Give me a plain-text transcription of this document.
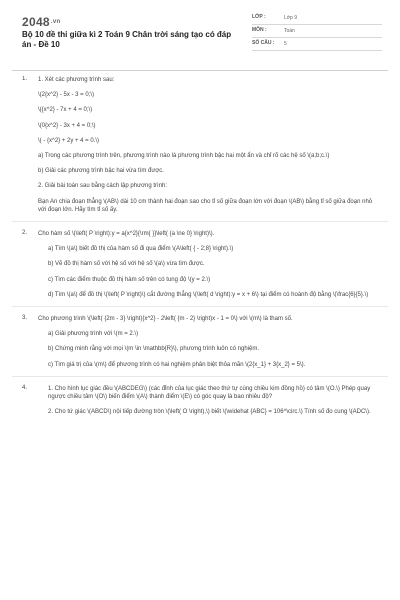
$2048^{.vn}$
Bộ 10 đề thi giữa kì 2 Toán 9 Chân trời sáng tạo có đáp án - Đề 10
LỚP :	Lớp 9
MÔN :	Toán
SỐ CÂU : 5
1. 1. Xét các phương trình sau:

\(2{x^2} - 5x - 3 = 0;\)

\({x^2} - 7x + 4 = 0;\)

\(0{x^2} - 3x + 4 = 0;\)

\( - {x^2} + 2y + 4 = 0.\)

a) Trong các phương trình trên, phương trình nào là phương trình bậc hai một ẩn và chỉ rõ các hệ số \(a;b;c.\)

b) Giải các phương trình bậc hai vừa tìm được.

2. Giải bài toán sau bằng cách lập phương trình:

Bạn An chia đoạn thẳng \(AB\) dài 10 cm thành hai đoạn sao cho tỉ số giữa đoạn lớn với đoạn \(AB\) bằng tỉ số giữa đoạn nhỏ với đoạn lớn. Hãy tìm tỉ số ấy.

2. Cho hàm số \(\left( P \right):y = a{x^2}{\rm{ }}\left( {a \ne 0} \right)\).

a) Tìm \(a\) biết đồ thị của hàm số đi qua điểm \(A\left( { - 2;8} \right).\)

b) Vẽ đồ thị hàm số với hệ số với hệ số \(a\) vừa tìm được.

c) Tìm các điểm thuộc đồ thị hàm số trên có tung độ \(y = 2.\)

d) Tìm \(a\) để đồ thị \(\left( P \right)\) cắt đường thẳng \(\left( d \right):y = x + 6\) tại điểm có hoành độ bằng \(\frac{6}{5}.\)

3. Cho phương trình \(\left( {2m - 3} \right){x^2} - 2\left( {m - 2} \right)x - 1 = 0\) với \(m\) là tham số.

a) Giải phương trình với \(m = 2.\)

b) Chứng minh rằng với mọi \(m \in \mathbb{R}\), phương trình luôn có nghiệm.

c) Tìm giá trị của \(m\) để phương trình có hai nghiệm phân biệt thỏa mãn \(2{x_1} + 3{x_2} = 5\).

4.	1. Cho hình lục giác đều \(ABCDEG\) (các đỉnh của lục giác theo thứ tự cùng chiều kim đồng hồ) có tâm \(O.\) Phép quay ngược chiều tâm \(O\) biến điểm \(A\) thành điểm \(E\) có góc quay là bao nhiêu độ?

2. Cho tứ giác \(ABCD\) nội tiếp đường tròn \(\left( O \right),\) biết \(\widehat {ABC} = 106^\circ.\) Tính số đo cung \(ADC\).
